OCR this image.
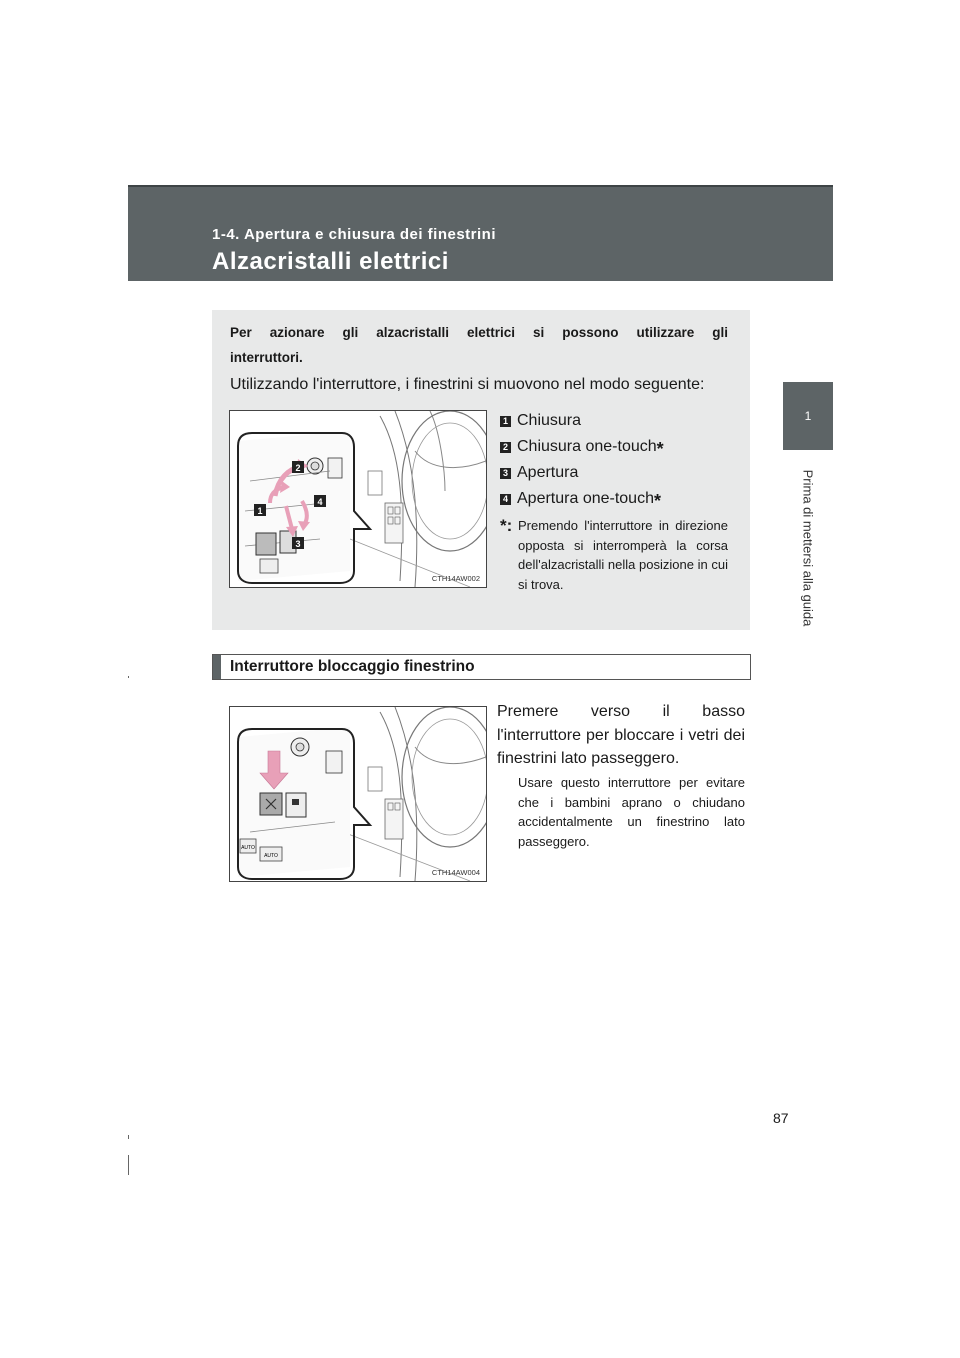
1-4. Apertura e chiusura dei finestrini
Alzacristalli elettrici
1
Prima di mettersi alla guida
Per azionare gli alzacristalli elettrici si possono utilizzare gli
interruttori.
Utilizzando l'interruttore, i finestrini si muovono nel modo seguente:
1
2
3
4
CTH14AW002
1 Chiusura
2 Chiusura one-touch *
3 Apertura
4 Apertura one-touch *
*: Premendo l'interruttore in direzione opposta si interromperà la corsa dell'alzacristalli nella posizione in cui si trova.
Interruttore bloccaggio finestrino
AUTO
AUTO
CTH14AW004
Premere verso il basso l'interruttore per bloccare i vetri dei finestrini lato passeggero.
Usare questo interruttore per evitare che i bambini aprano o chiudano accidentalmente un finestrino lato passeggero.
87
